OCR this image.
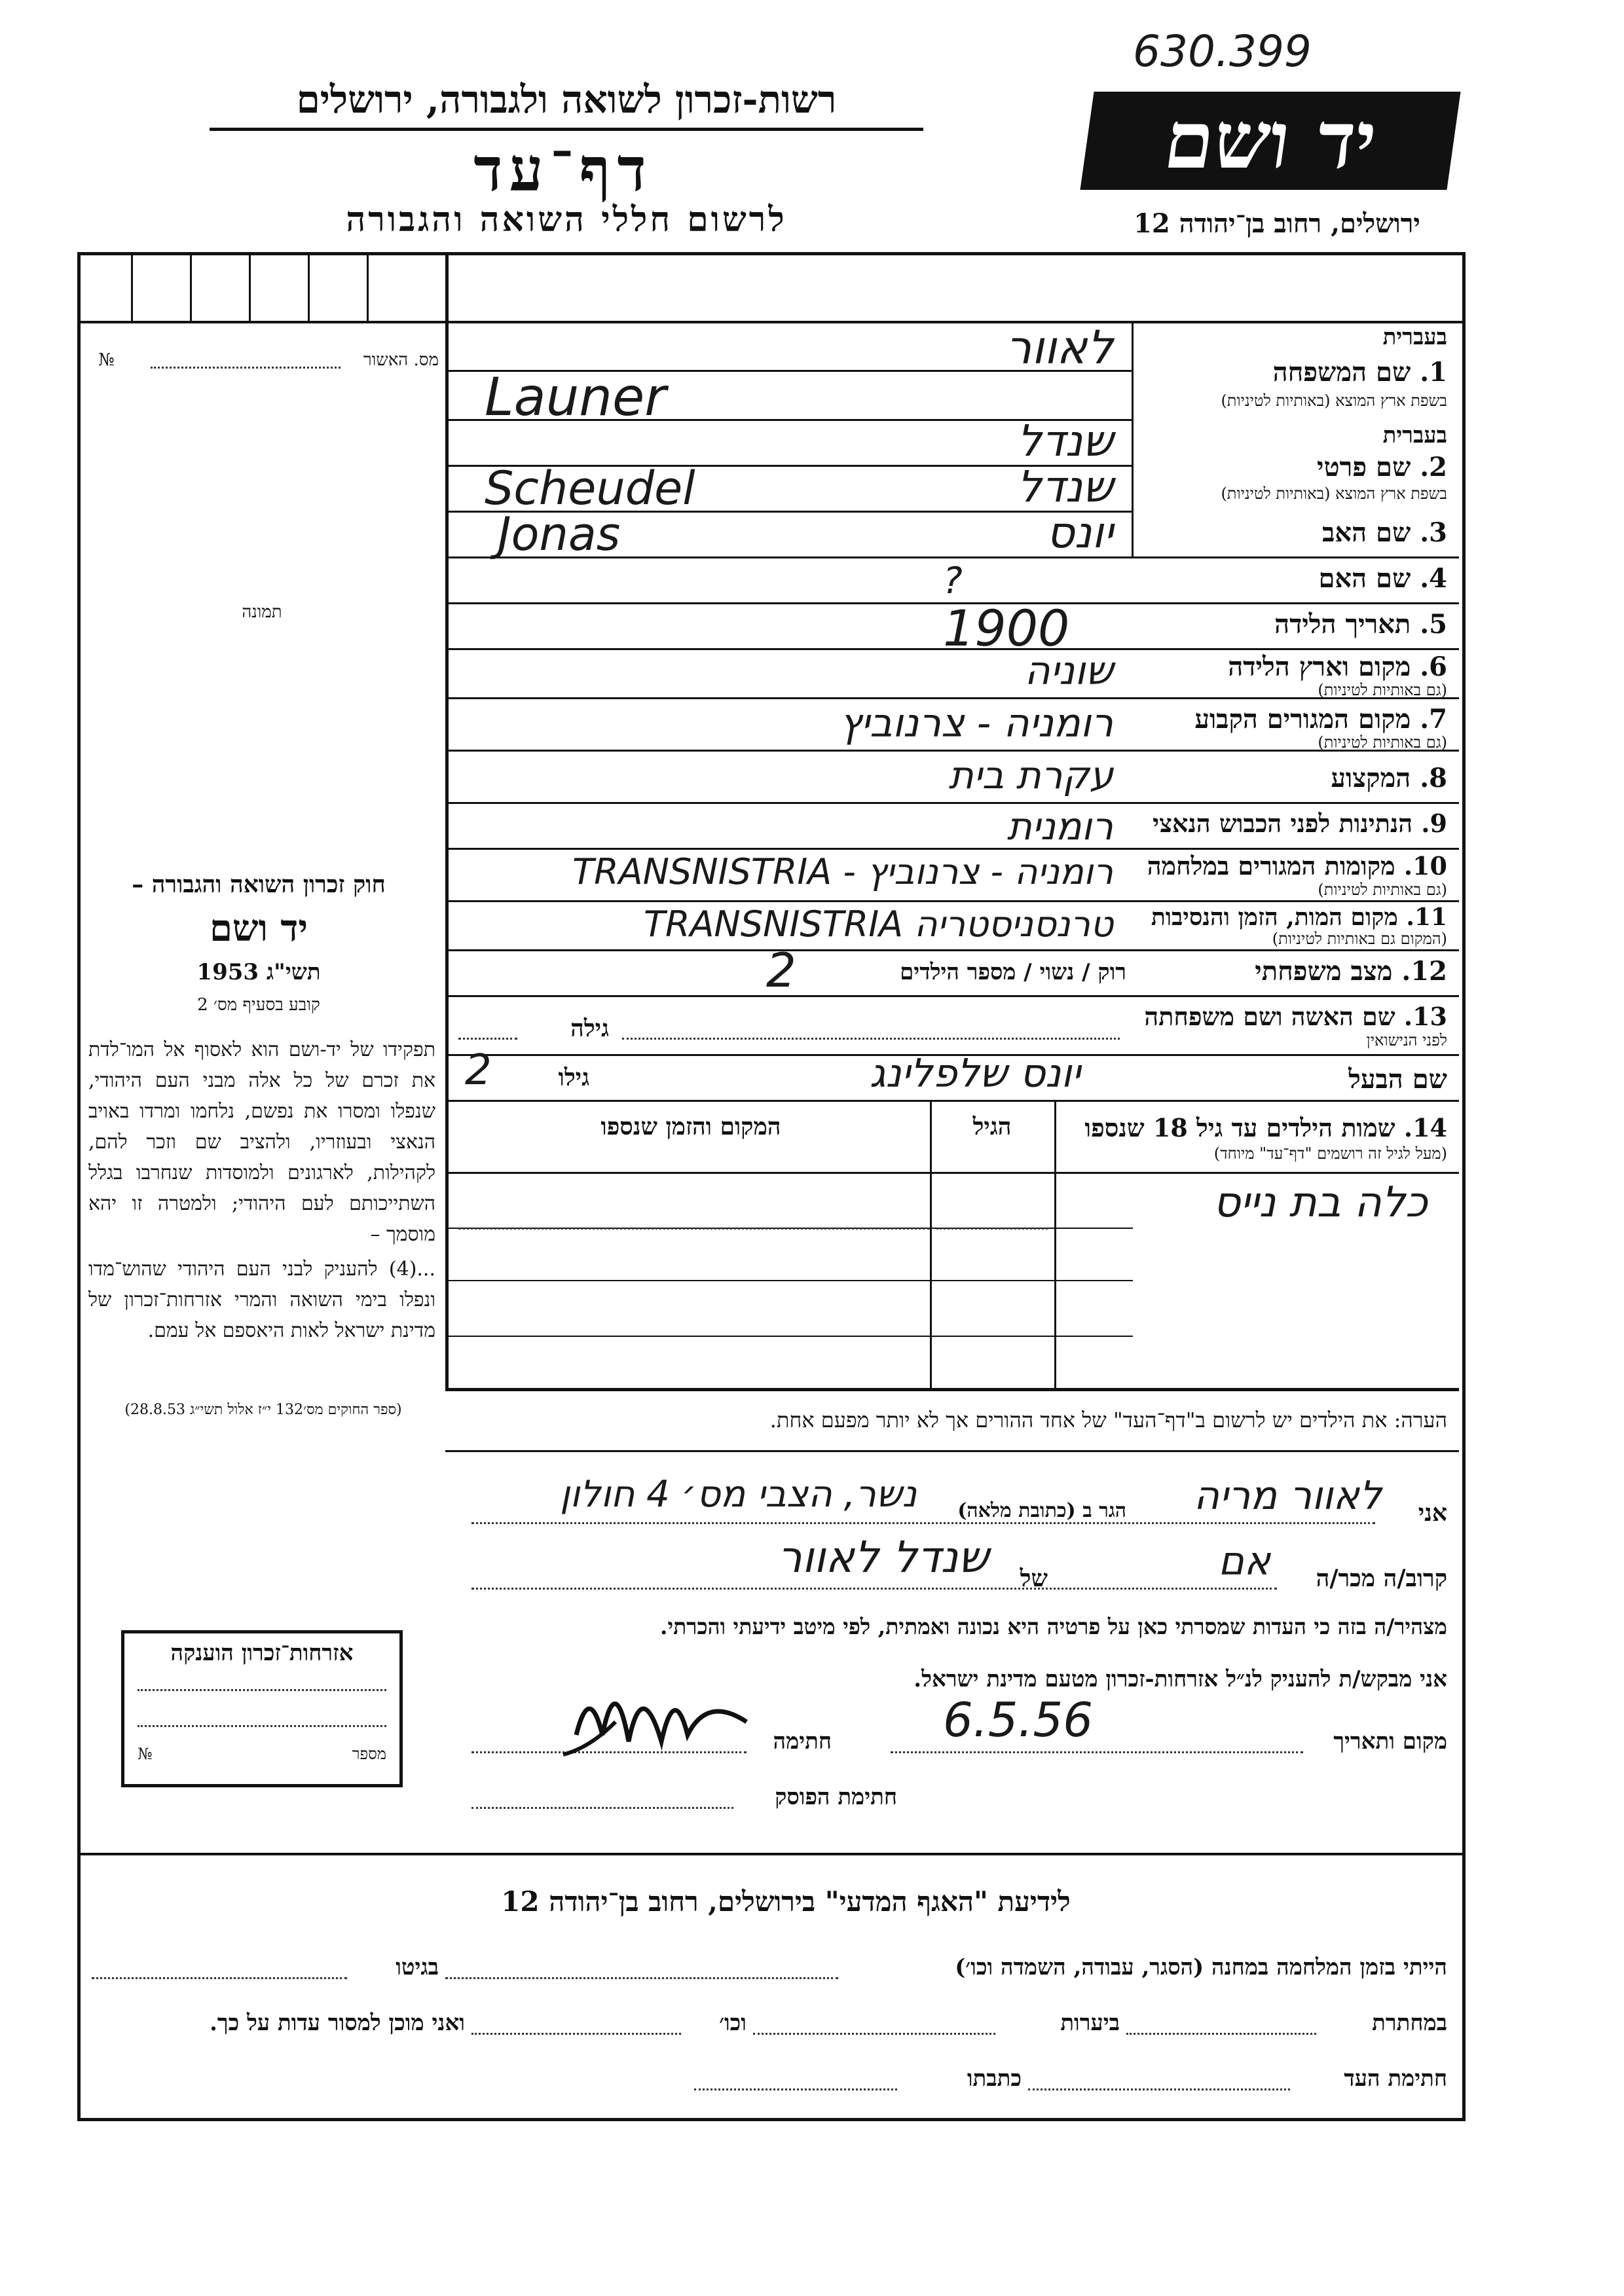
630.399
רשות-זכרון לשואה ולגבורה, ירושלים
דף־עד
לרשום חללי השואה והגבורה
יד ושם
ירושלים, רחוב בן־יהודה 12
מס. האשור
№
תמונה
חוק זכרון השואה והגבורה –
יד ושם
תשי"ג 1953
קובע בסעיף מס׳ 2
תפקידו של יד-ושם הוא לאסוף אל המו־לדת את זכרם של כל אלה מבני העם היהודי, שנפלו ומסרו את נפשם, נלחמו ומרדו באויב הנאצי ובעוזריו, ולהציב שם וזכר להם, לקהילות, לארגונים ולמוסדות שנחרבו בגלל השתייכותם לעם היהודי; ולמטרה זו יהא מוסמך –
...(4) להעניק לבני העם היהודי שהוש־מדו ונפלו בימי השואה והמרי אזרחות־זכרון של מדינת ישראל לאות היאספם אל עמם.
(ספר החוקים מס׳132 י״ז אלול תשי״ג 28.8.53)
בעברית
1. שם המשפחה
בשפת ארץ המוצא (באותיות לטיניות)
לאוור
Launer
בעברית
2. שם פרטי
בשפת ארץ המוצא (באותיות לטיניות)
שנדל
Scheudel	שנדל
3. שם האב
Jonas	יונס
4. שם האם
?
5. תאריך הלידה
1900
6. מקום וארץ הלידה
(גם באותיות לטיניות)
שוניה
7. מקום המגורים הקבוע
(גם באותיות לטיניות)
רומניה - צרנוביץ
8. המקצוע
עקרת בית
9. הנתינות לפני הכבוש הנאצי
רומנית
10. מקומות המגורים במלחמה
(גם באותיות לטיניות)
רומניה - צרנוביץ - TRANSNISTRIA
11. מקום המות, הזמן והנסיבות
(המקום גם באותיות לטיניות)
טרנסניסטריה TRANSNISTRIA
12. מצב משפחתי
רוק / נשוי / מספר הילדים
2
13. שם האשה ושם משפחתה
לפני הנישואין
גילה
שם הבעל
יונס שלפלינג
גילו
2
14. שמות הילדים עד גיל 18 שנספו
(מעל לגיל זה רושמים "דף־עד" מיוחד)
הגיל
המקום והזמן שנספו
כלה בת נייס
הערה: את הילדים יש לרשום ב"דף־העד" של אחד ההורים אך לא יותר מפעם אחת.
אני
לאוור מריה
הגר ב (כתובת מלאה)
נשר, הצבי מס׳ 4 חולון
קרוב/ה מכר/ה
אם
של
שנדל לאוור
מצהיר/ה בזה כי העדות שמסרתי כאן על פרטיה היא נכונה ואמתית, לפי מיטב ידיעתי והכרתי.
אני מבקש/ת להעניק לנ״ל אזרחות-זכרון מטעם מדינת ישראל.
מקום ותאריך
6.5.56
חתימה
חתימת הפוסק
אזרחות־זכרון הוענקה
מספר
№
לידיעת "האגף המדעי" בירושלים, רחוב בן־יהודה 12
הייתי בזמן המלחמה במחנה (הסגר, עבודה, השמדה וכו׳)
בגיטו
במחתרת
ביערות
וכו׳
ואני מוכן למסור עדות על כך.
חתימת העד
כתבתו
